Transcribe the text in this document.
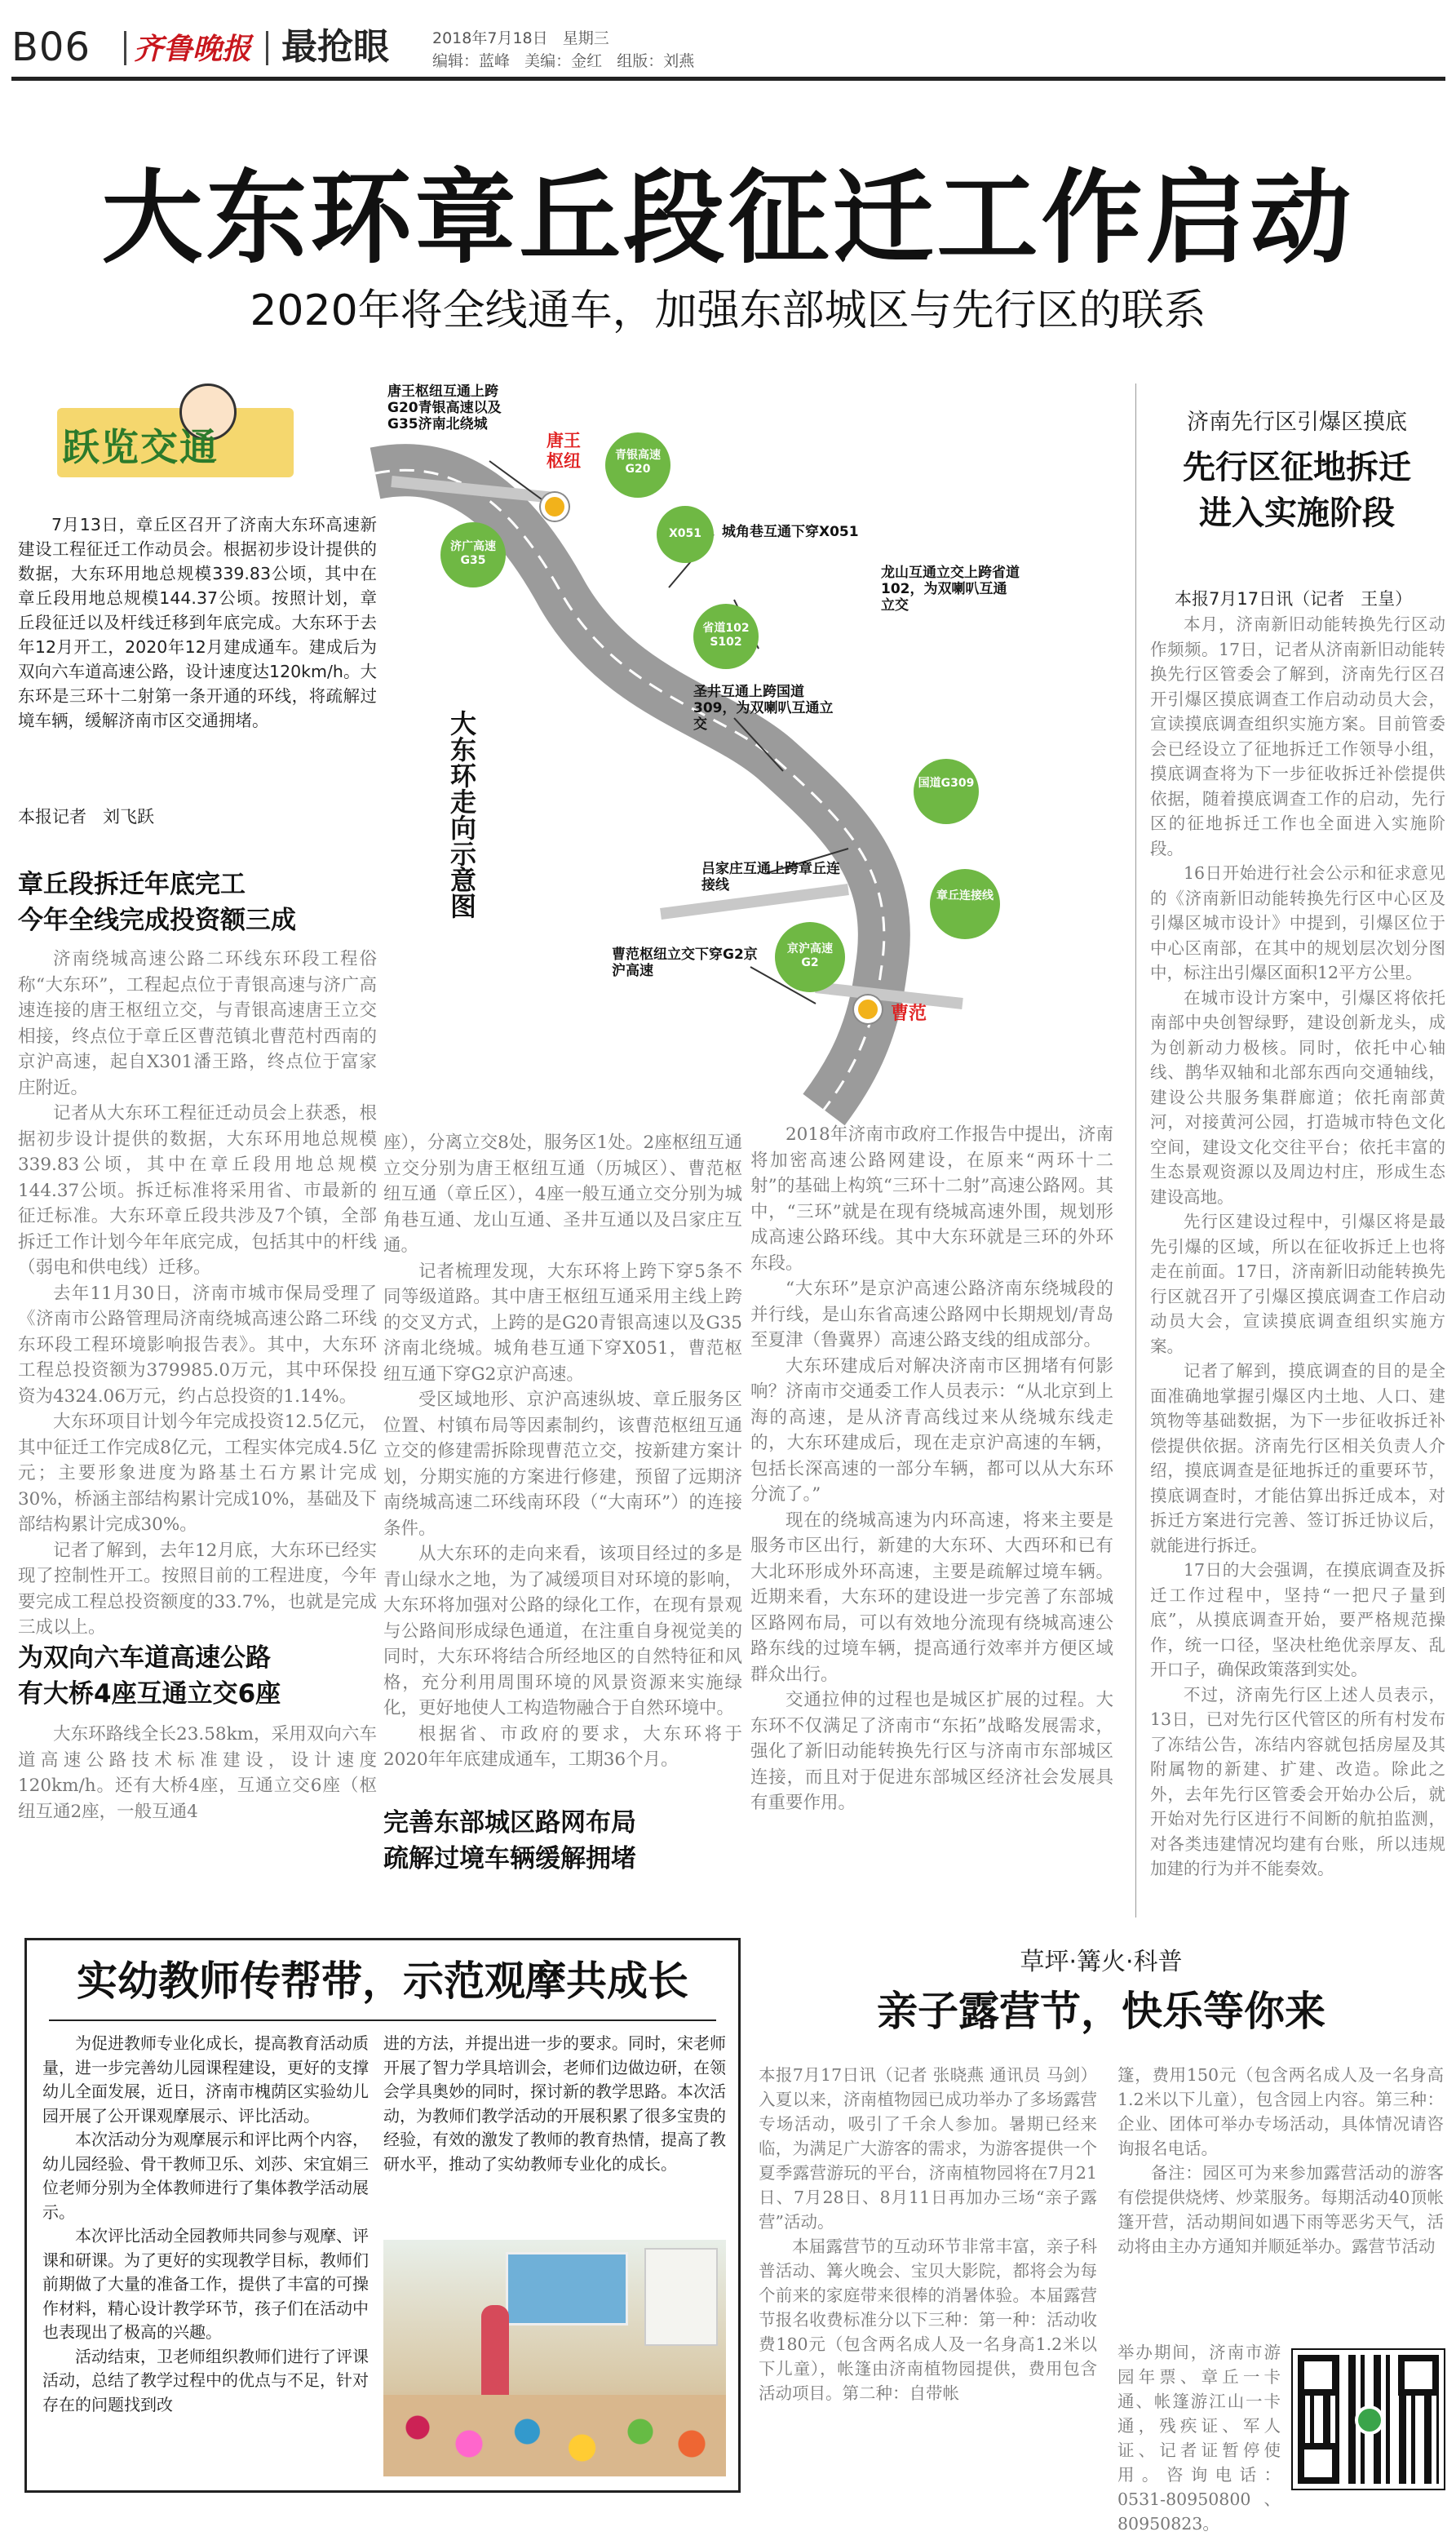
B06 齐鲁晚报 最抢眼	2018年7月18日   星期三
编辑：蓝峰   美编：金红   组版：刘燕
大东环章丘段征迁工作启动
2020年将全线通车，加强东部城区与先行区的联系
跃览交通

7月13日，章丘区召开了济南大东环高速新建设工程征迁工作动员会。根据初步设计提供的数据，大东环用地总规模339.83公顷，其中在章丘段用地总规模144.37公顷。按照计划，章丘段征迁以及杆线迁移到年底完成。大东环于去年12月开工，2020年12月建成通车。建成后为双向六车道高速公路，设计速度达120km/h。大东环是三环十二射第一条开通的环线，将疏解过境车辆，缓解济南市区交通拥堵。

本报记者   刘飞跃
章丘段拆迁年底完工
今年全线完成投资额三成

济南绕城高速公路二环线东环段工程俗称“大东环”，工程起点位于青银高速与济广高速连接的唐王枢纽立交，与青银高速唐王立交相接，终点位于章丘区曹范镇北曹范村西南的京沪高速，起自X301潘王路，终点位于富家庄附近。

记者从大东环工程征迁动员会上获悉，根据初步设计提供的数据，大东环用地总规模339.83公顷，其中在章丘段用地总规模144.37公顷。拆迁标准将采用省、市最新的征迁标准。大东环章丘段共涉及7个镇，全部拆迁工作计划今年年底完成，包括其中的杆线（弱电和供电线）迁移。

去年11月30日，济南市城市保局受理了《济南市公路管理局济南绕城高速公路二环线东环段工程环境影响报告表》。其中，大东环工程总投资额为379985.0万元，其中环保投资为4324.06万元，约占总投资的1.14%。

大东环项目计划今年完成投资12.5亿元，其中征迁工作完成8亿元，工程实体完成4.5亿元；主要形象进度为路基土石方累计完成30%，桥涵主部结构累计完成10%，基础及下部结构累计完成30%。

记者了解到，去年12月底，大东环已经实现了控制性开工。按照目前的工程进度，今年要完成工程总投资额度的33.7%，也就是完成三成以上。

为双向六车道高速公路
有大桥4座互通立交6座

大东环路线全长23.58km，采用双向六车道高速公路技术标准建设，设计速度120km/h。还有大桥4座，互通立交6座（枢纽互通2座，一般互通4

唐王枢纽
曹范
青银高速G20
济广高速G35
X051
省道102 S102
国道G309
章丘连接线
京沪高速G2
唐王枢纽互通上跨G20青银高速以及G35济南北绕城
城角巷互通下穿X051
龙山互通立交上跨省道102，为双喇叭互通立交
圣井互通上跨国道309，为双喇叭互通立交
吕家庄互通上跨章丘连接线
曹范枢纽立交下穿G2京沪高速
大东环走向示意图

座），分离立交8处，服务区1处。2座枢纽互通立交分别为唐王枢纽互通（历城区）、曹范枢纽互通（章丘区），4座一般互通立交分别为城角巷互通、龙山互通、圣井互通以及吕家庄互通。

记者梳理发现，大东环将上跨下穿5条不同等级道路。其中唐王枢纽互通采用主线上跨的交叉方式，上跨的是G20青银高速以及G35济南北绕城。城角巷互通下穿X051，曹范枢纽互通下穿G2京沪高速。

受区域地形、京沪高速纵坡、章丘服务区位置、村镇布局等因素制约，该曹范枢纽互通立交的修建需拆除现曹范立交，按新建方案计划，分期实施的方案进行修建，预留了远期济南绕城高速二环线南环段（“大南环”）的连接条件。

从大东环的走向来看，该项目经过的多是青山绿水之地，为了减缓项目对环境的影响，大东环将加强对公路的绿化工作，在现有景观与公路间形成绿色通道，在注重自身视觉美的同时，大东环将结合所经地区的自然特征和风格，充分利用周围环境的风景资源来实施绿化，更好地使人工构造物融合于自然环境中。

根据省、市政府的要求，大东环将于2020年年底建成通车，工期36个月。

完善东部城区路网布局
疏解过境车辆缓解拥堵

2018年济南市政府工作报告中提出，济南将加密高速公路网建设，在原来“两环十二射”的基础上构筑“三环十二射”高速公路网。其中，“三环”就是在现有绕城高速外围，规划形成高速公路环线。其中大东环就是三环的外环东段。

“大东环”是京沪高速公路济南东绕城段的并行线，是山东省高速公路网中长期规划/青岛至夏津（鲁冀界）高速公路支线的组成部分。

大东环建成后对解决济南市区拥堵有何影响？济南市交通委工作人员表示：“从北京到上海的高速，是从济青高线过来从绕城东线走的，大东环建成后，现在走京沪高速的车辆，包括长深高速的一部分车辆，都可以从大东环分流了。”

现在的绕城高速为内环高速，将来主要是服务市区出行，新建的大东环、大西环和已有大北环形成外环高速，主要是疏解过境车辆。近期来看，大东环的建设进一步完善了东部城区路网布局，可以有效地分流现有绕城高速公路东线的过境车辆，提高通行效率并方便区域群众出行。

交通拉伸的过程也是城区扩展的过程。大东环不仅满足了济南市“东拓”战略发展需求，强化了新旧动能转换先行区与济南市东部城区连接，而且对于促进东部城区经济社会发展具有重要作用。

济南先行区引爆区摸底
先行区征地拆迁
进入实施阶段
本报7月17日讯（记者   王皇）

本月，济南新旧动能转换先行区动作频频。17日，记者从济南新旧动能转换先行区管委会了解到，济南先行区召开引爆区摸底调查工作启动动员大会，宣读摸底调查组织实施方案。目前管委会已经设立了征地拆迁工作领导小组，摸底调查将为下一步征收拆迁补偿提供依据，随着摸底调查工作的启动，先行区的征地拆迁工作也全面进入实施阶段。

16日开始进行社会公示和征求意见的《济南新旧动能转换先行区中心区及引爆区城市设计》中提到，引爆区位于中心区南部，在其中的规划层次划分图中，标注出引爆区面积12平方公里。

在城市设计方案中，引爆区将依托南部中央创智绿野，建设创新龙头，成为创新动力极核。同时，依托中心轴线、鹊华双轴和北部东西向交通轴线，建设公共服务集群廊道；依托南部黄河，对接黄河公园，打造城市特色文化空间，建设文化交往平台；依托丰富的生态景观资源以及周边村庄，形成生态建设高地。

先行区建设过程中，引爆区将是最先引爆的区域，所以在征收拆迁上也将走在前面。17日，济南新旧动能转换先行区就召开了引爆区摸底调查工作启动动员大会，宣读摸底调查组织实施方案。

记者了解到，摸底调查的目的是全面准确地掌握引爆区内土地、人口、建筑物等基础数据，为下一步征收拆迁补偿提供依据。济南先行区相关负责人介绍，摸底调查是征地拆迁的重要环节，摸底调查时，才能估算出拆迁成本，对拆迁方案进行完善、签订拆迁协议后，就能进行拆迁。

17日的大会强调，在摸底调查及拆迁工作过程中，坚持“一把尺子量到底”，从摸底调查开始，要严格规范操作，统一口径，坚决杜绝优亲厚友、乱开口子，确保政策落到实处。

不过，济南先行区上述人员表示，13日，已对先行区代管区的所有村发布了冻结公告，冻结内容就包括房屋及其附属物的新建、扩建、改造。除此之外，去年先行区管委会开始办公后，就开始对先行区进行不间断的航拍监测，对各类违建情况均建有台账，所以违规加建的行为并不能奏效。

实幼教师传帮带，示范观摩共成长

为促进教师专业化成长，提高教育活动质量，进一步完善幼儿园课程建设，更好的支撑幼儿全面发展，近日，济南市槐荫区实验幼儿园开展了公开课观摩展示、评比活动。

本次活动分为观摩展示和评比两个内容，幼儿园经验、骨干教师卫乐、刘莎、宋宜娟三位老师分别为全体教师进行了集体教学活动展示。

本次评比活动全园教师共同参与观摩、评课和研课。为了更好的实现教学目标，教师们前期做了大量的准备工作，提供了丰富的可操作材料，精心设计教学环节，孩子们在活动中也表现出了极高的兴趣。

活动结束，卫老师组织教师们进行了评课活动，总结了教学过程中的优点与不足，针对存在的问题找到改

进的方法，并提出进一步的要求。同时，宋老师开展了智力学具培训会，老师们边做边研，在领会学具奥妙的同时，探讨新的教学思路。本次活动，为教师们教学活动的开展积累了很多宝贵的经验，有效的激发了教师的教育热情，提高了教研水平，推动了实幼教师专业化的成长。

草坪·篝火·科普
亲子露营节，快乐等你来

本报7月17日讯（记者 张晓燕 通讯员 马剑） 入夏以来，济南植物园已成功举办了多场露营专场活动，吸引了千余人参加。暑期已经来临，为满足广大游客的需求，为游客提供一个夏季露营游玩的平台，济南植物园将在7月21日、7月28日、8月11日再加办三场“亲子露营”活动。

本届露营节的互动环节非常丰富，亲子科普活动、篝火晚会、宝贝大影院，都将会为每个前来的家庭带来很棒的消暑体验。本届露营节报名收费标准分以下三种：第一种：活动收费180元（包含两名成人及一名身高1.2米以下儿童），帐篷由济南植物园提供，费用包含活动项目。第二种：自带帐

篷，费用150元（包含两名成人及一名身高1.2米以下儿童），包含园上内容。第三种：企业、团体可举办专场活动，具体情况请咨询报名电话。

备注：园区可为来参加露营活动的游客有偿提供烧烤、炒菜服务。每期活动40顶帐篷开营，活动期间如遇下雨等恶劣天气，活动将由主办方通知并顺延举办。露营节活动

举办期间，济南市游园年票、章丘一卡通、帐篷游江山一卡通，残疾证、军人证、记者证暂停使用。咨询电话：0531-80950800、80950823。
